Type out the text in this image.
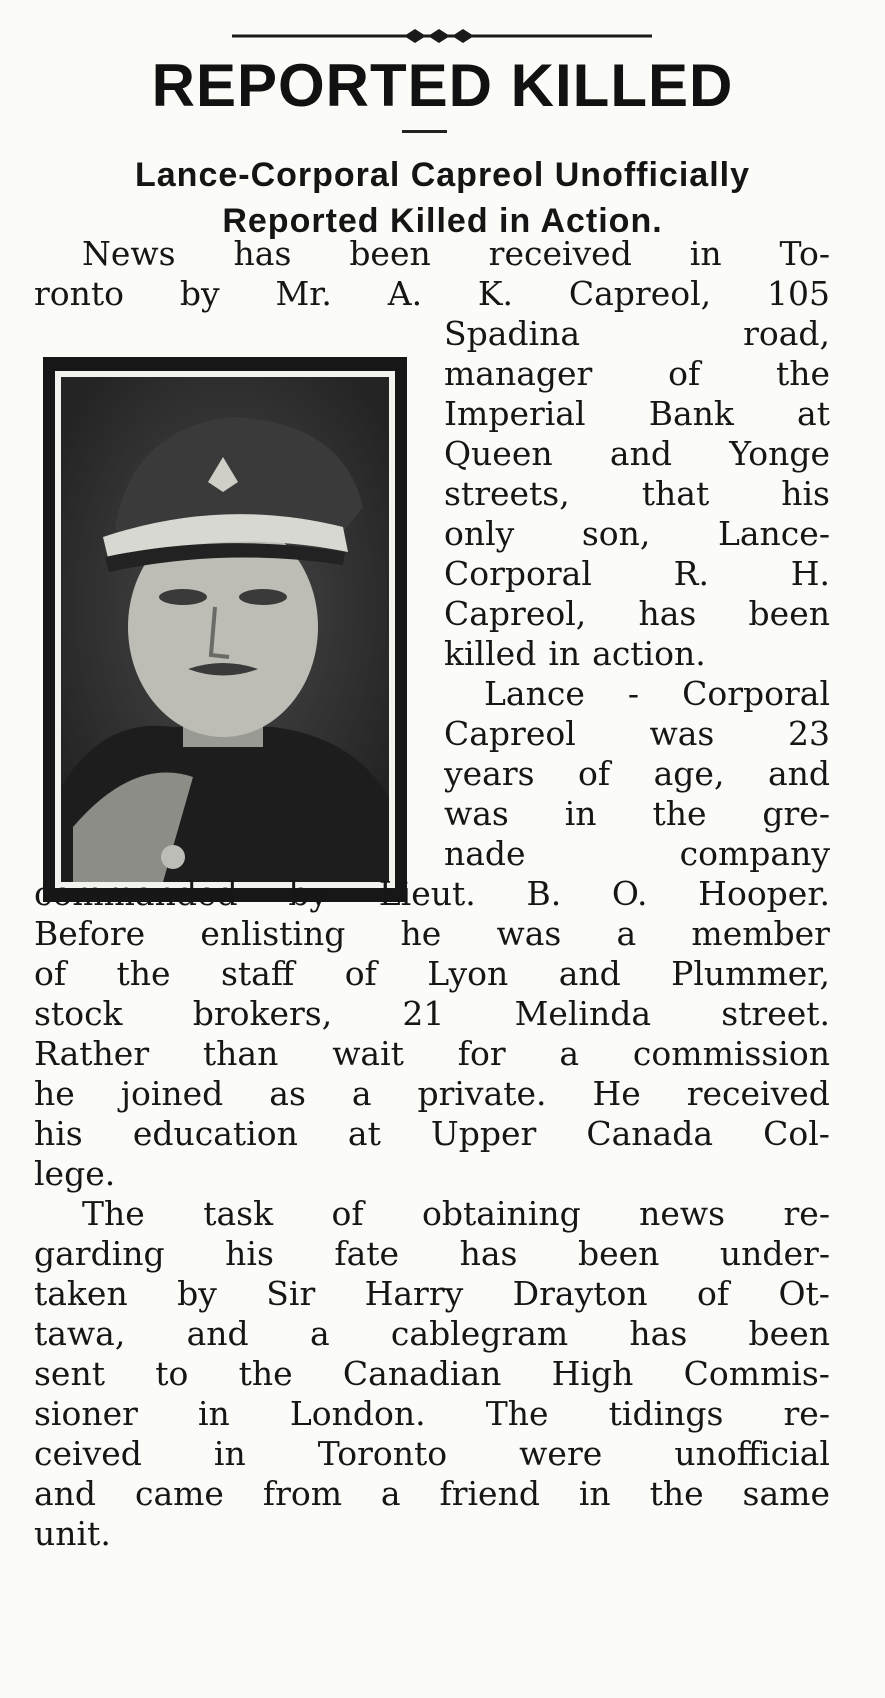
REPORTED KILLED
Lance-Corporal Capreol Unofficially
Reported Killed in Action.
News has been received in To-
ronto by Mr. A. K. Capreol, 105
Spadina	road,
manager of the
Imperial Bank at
Queen and Yonge
streets, that his
only son, Lance-
Corporal R. H.
Capreol, has been
killed in action.
Lance - Corporal
Capreol was 23
years of age, and
was in the gre-
nade	company
commanded by Lieut. B. O. Hooper.
Before enlisting he was a member
of the staff of Lyon and Plummer,
stock brokers, 21 Melinda street.
Rather than wait for a commission
he joined as a private. He received
his education at Upper Canada Col-
lege.
The task of obtaining news re-
garding his fate has been under-
taken by Sir Harry Drayton of Ot-
tawa, and a cablegram has been
sent to the Canadian High Commis-
sioner in London. The tidings re-
ceived in Toronto were unofficial
and came from a friend in the same
unit.
